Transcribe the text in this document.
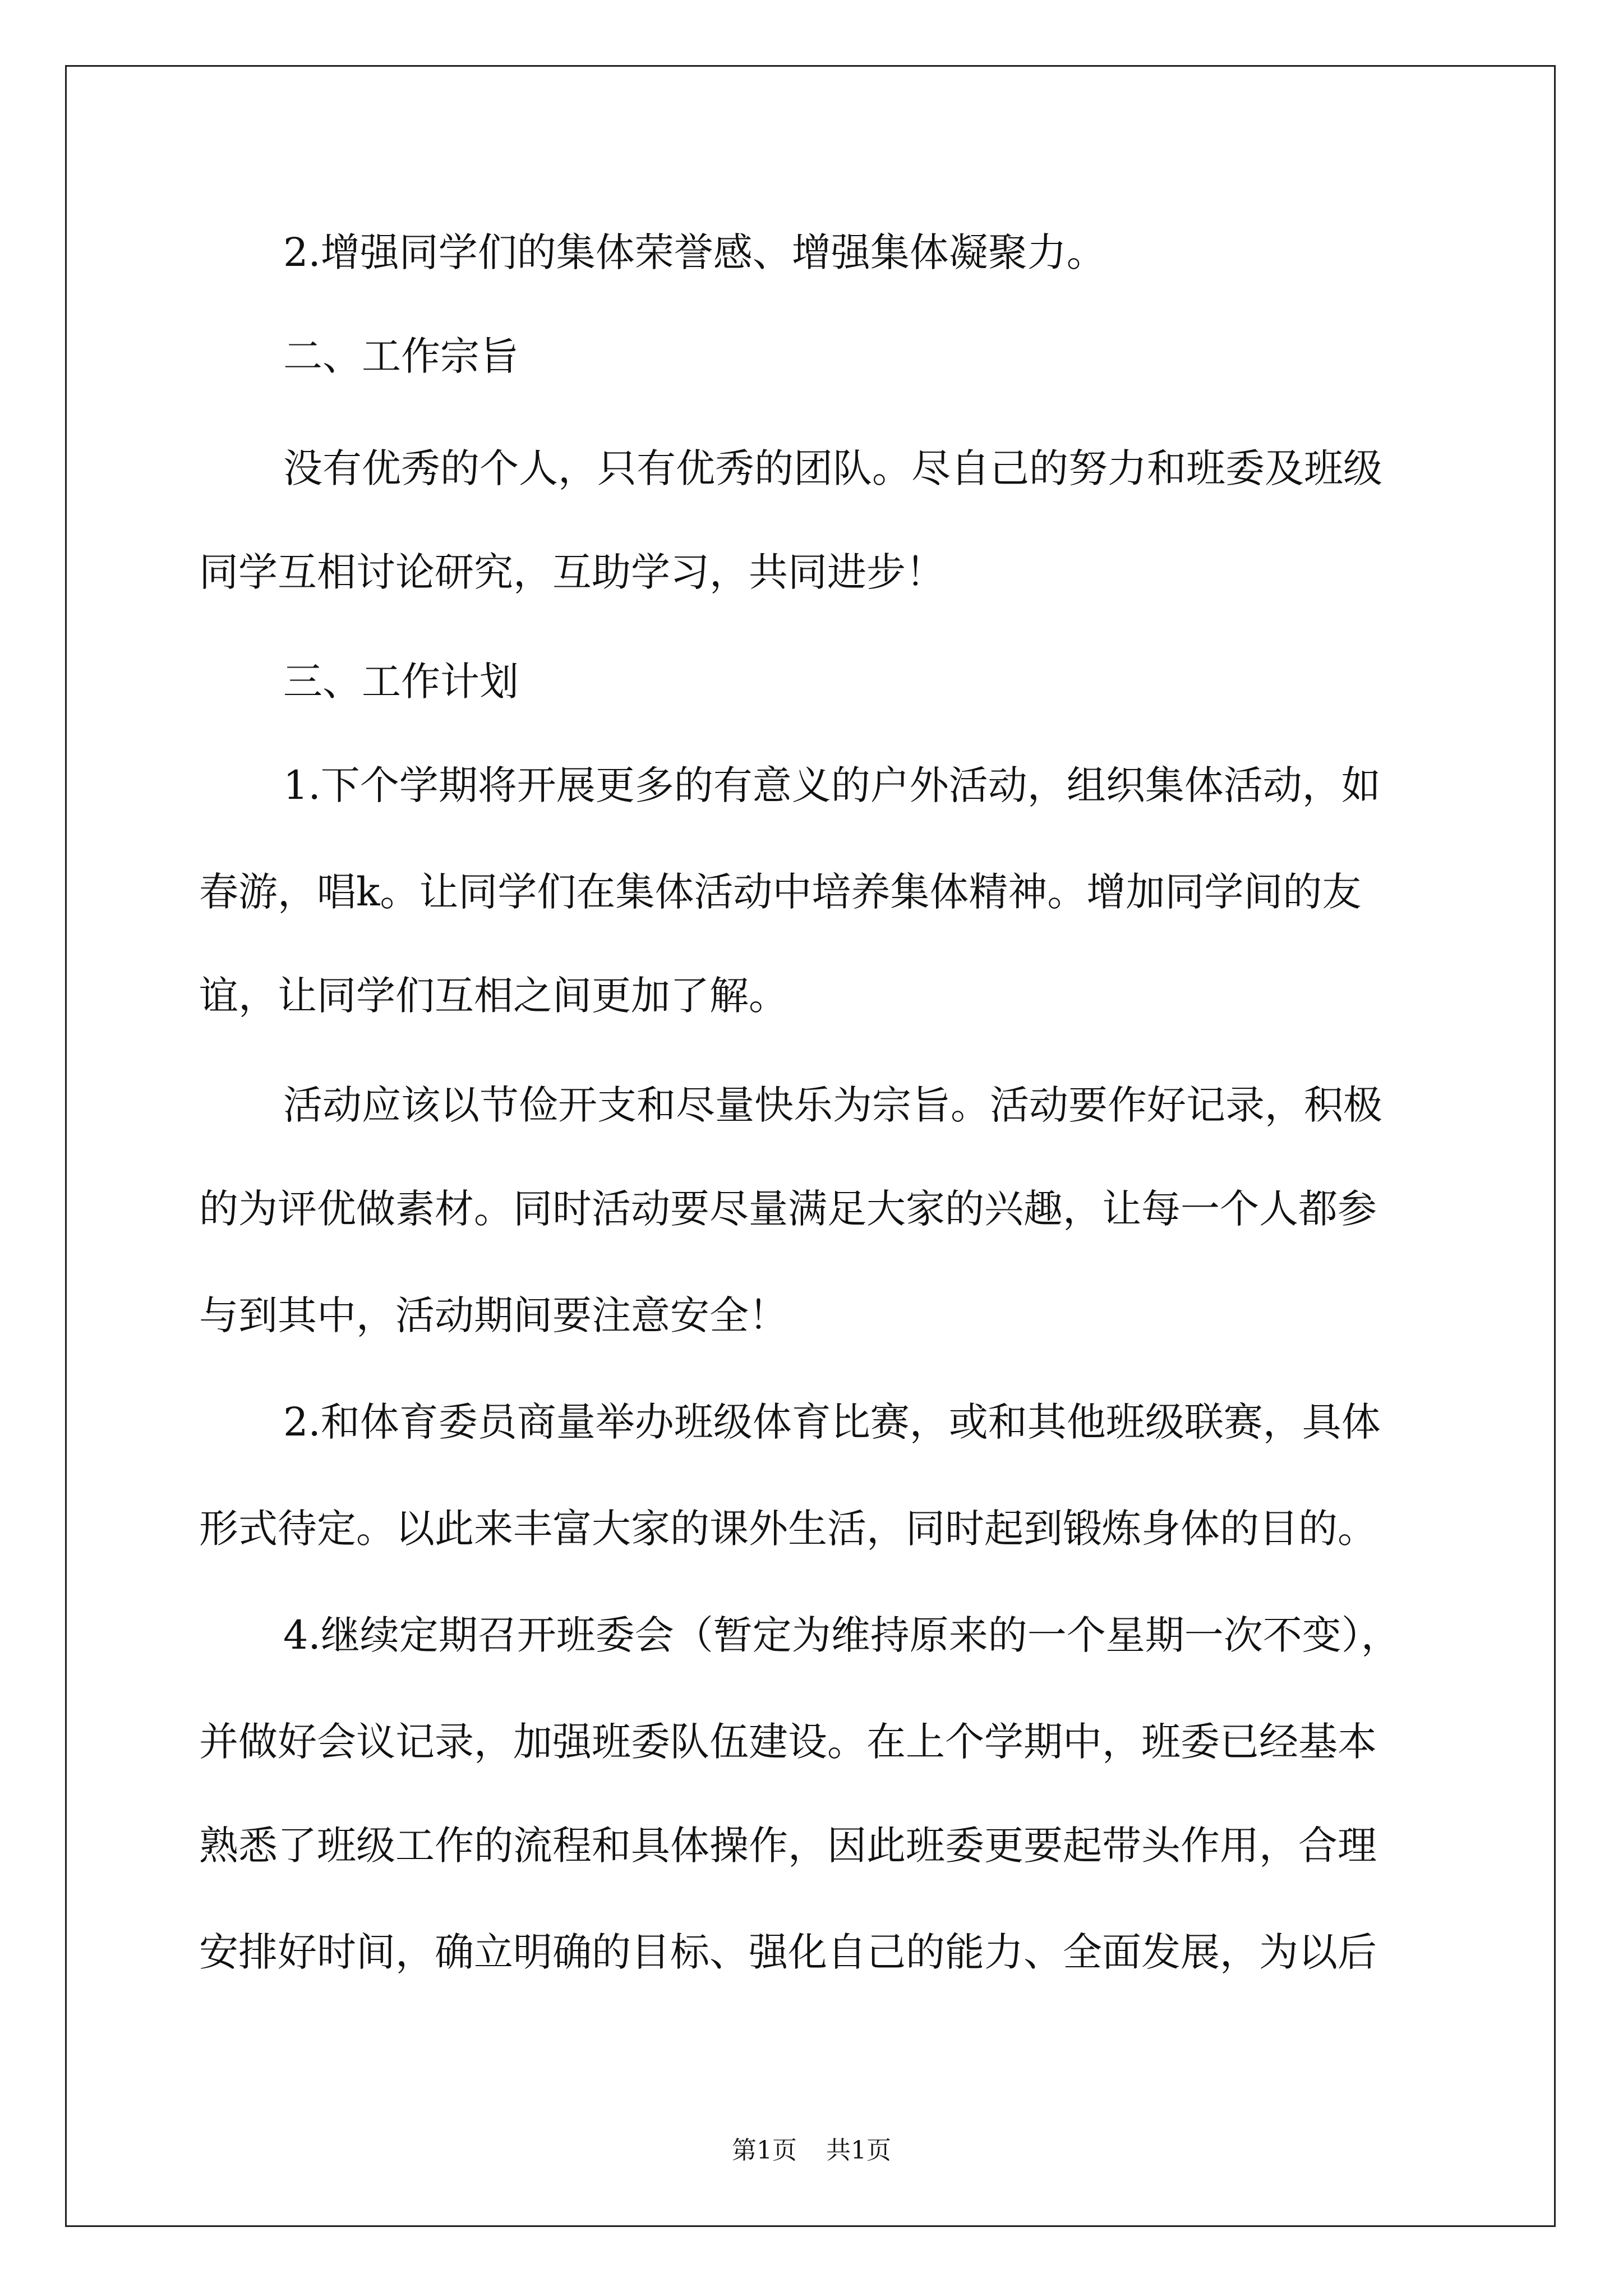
2.增强同学们的集体荣誉感、增强集体凝聚力。
二、工作宗旨
没有优秀的个人，只有优秀的团队。尽自己的努力和班委及班级
同学互相讨论研究，互助学习，共同进步！
三、工作计划
1.下个学期将开展更多的有意义的户外活动，组织集体活动，如
春游，唱k。让同学们在集体活动中培养集体精神。增加同学间的友
谊，让同学们互相之间更加了解。
活动应该以节俭开支和尽量快乐为宗旨。活动要作好记录，积极
的为评优做素材。同时活动要尽量满足大家的兴趣，让每一个人都参
与到其中，活动期间要注意安全！
2.和体育委员商量举办班级体育比赛，或和其他班级联赛，具体
形式待定。以此来丰富大家的课外生活，同时起到锻炼身体的目的。
4.继续定期召开班委会（暂定为维持原来的一个星期一次不变），
并做好会议记录，加强班委队伍建设。在上个学期中，班委已经基本
熟悉了班级工作的流程和具体操作，因此班委更要起带头作用，合理
安排好时间，确立明确的目标、强化自己的能力、全面发展，为以后
第1页 共1页
